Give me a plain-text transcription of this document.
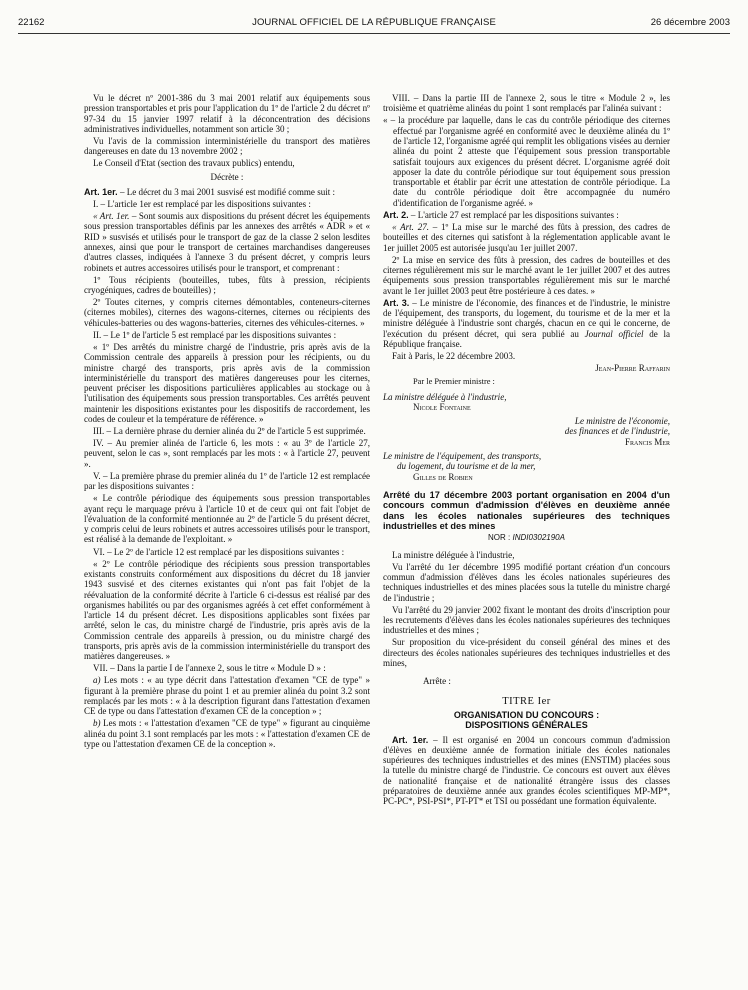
22162	JOURNAL OFFICIEL DE LA RÉPUBLIQUE FRANÇAISE	26 décembre 2003

Vu le décret nº 2001-386 du 3 mai 2001 relatif aux équipements sous pression transportables et pris pour l'application du 1º de l'article 2 du décret nº 97-34 du 15 janvier 1997 relatif à la déconcentration des décisions administratives individuelles, notamment son article 30 ;

Vu l'avis de la commission interministérielle du transport des matières dangereuses en date du 13 novembre 2002 ;

Le Conseil d'Etat (section des travaux publics) entendu,

Décrète :

Art. 1er. – Le décret du 3 mai 2001 susvisé est modifié comme suit :

I. – L'article 1er est remplacé par les dispositions suivantes :

« Art. 1er. – Sont soumis aux dispositions du présent décret les équipements sous pression transportables définis par les annexes des arrêtés « ADR » et « RID » susvisés et utilisés pour le transport de gaz de la classe 2 selon lesdites annexes, ainsi que pour le transport de certaines marchandises dangereuses d'autres classes, indiquées à l'annexe 3 du présent décret, y compris leurs robinets et autres accessoires utilisés pour le transport, et comprenant :

1º Tous récipients (bouteilles, tubes, fûts à pression, récipients cryogéniques, cadres de bouteilles) ;

2º Toutes citernes, y compris citernes démontables, conteneurs-citernes (citernes mobiles), citernes des wagons-citernes, citernes ou récipients des véhicules-batteries ou des wagons-batteries, citernes des véhicules-citernes. »

II. – Le 1º de l'article 5 est remplacé par les dispositions suivantes :

« 1º Des arrêtés du ministre chargé de l'industrie, pris après avis de la Commission centrale des appareils à pression pour les récipients, ou du ministre chargé des transports, pris après avis de la commission interministérielle du transport des matières dangereuses pour les citernes, peuvent préciser les dispositions particulières applicables au stockage ou à l'utilisation des équipements sous pression transportables. Ces arrêtés peuvent maintenir les dispositions existantes pour les dispositifs de raccordement, les codes de couleur et la température de référence. »

III. – La dernière phrase du dernier alinéa du 2º de l'article 5 est supprimée.

IV. – Au premier alinéa de l'article 6, les mots : « au 3º de l'article 27, peuvent, selon le cas », sont remplacés par les mots : « à l'article 27, peuvent ».

V. – La première phrase du premier alinéa du 1º de l'article 12 est remplacée par les dispositions suivantes :

« Le contrôle périodique des équipements sous pression transportables ayant reçu le marquage prévu à l'article 10 et de ceux qui ont fait l'objet de l'évaluation de la conformité mentionnée au 2º de l'article 5 du présent décret, y compris celui de leurs robinets et autres accessoires utilisés pour le transport, est réalisé à la demande de l'exploitant. »

VI. – Le 2º de l'article 12 est remplacé par les dispositions suivantes :

« 2º Le contrôle périodique des récipients sous pression transportables existants construits conformément aux dispositions du décret du 18 janvier 1943 susvisé et des citernes existantes qui n'ont pas fait l'objet de la réévaluation de la conformité décrite à l'article 6 ci-dessus est réalisé par des organismes habilités ou par des organismes agréés à cet effet conformément à l'article 14 du présent décret. Les dispositions applicables sont fixées par arrêté, selon le cas, du ministre chargé de l'industrie, pris après avis de la Commission centrale des appareils à pression, ou du ministre chargé des transports, pris après avis de la commission interministérielle du transport des matières dangereuses. »

VII. – Dans la partie I de l'annexe 2, sous le titre « Module D » :

a) Les mots : « au type décrit dans l'attestation d'examen "CE de type" » figurant à la première phrase du point 1 et au premier alinéa du point 3.2 sont remplacés par les mots : « à la description figurant dans l'attestation d'examen CE de type ou dans l'attestation d'examen CE de la conception » ;

b) Les mots : « l'attestation d'examen "CE de type" » figurant au cinquième alinéa du point 3.1 sont remplacés par les mots : « l'attestation d'examen CE de type ou l'attestation d'examen CE de la conception ».

VIII. – Dans la partie III de l'annexe 2, sous le titre « Module 2 », les troisième et quatrième alinéas du point 1 sont remplacés par l'alinéa suivant :

« – la procédure par laquelle, dans le cas du contrôle périodique des citernes effectué par l'organisme agréé en conformité avec le deuxième alinéa du 1º de l'article 12, l'organisme agréé qui remplit les obligations visées au dernier alinéa du point 2 atteste que l'équipement sous pression transportable satisfait toujours aux exigences du présent décret. L'organisme agréé doit apposer la date du contrôle périodique sur tout équipement sous pression transportable et établir par écrit une attestation de contrôle périodique. La date du contrôle périodique doit être accompagnée du numéro d'identification de l'organisme agréé. »

Art. 2. – L'article 27 est remplacé par les dispositions suivantes :

« Art. 27. – 1º La mise sur le marché des fûts à pression, des cadres de bouteilles et des citernes qui satisfont à la réglementation applicable avant le 1er juillet 2005 est autorisée jusqu'au 1er juillet 2007.

2º La mise en service des fûts à pression, des cadres de bouteilles et des citernes régulièrement mis sur le marché avant le 1er juillet 2007 et des autres équipements sous pression transportables régulièrement mis sur le marché avant le 1er juillet 2003 peut être postérieure à ces dates. »

Art. 3. – Le ministre de l'économie, des finances et de l'industrie, le ministre de l'équipement, des transports, du logement, du tourisme et de la mer et la ministre déléguée à l'industrie sont chargés, chacun en ce qui le concerne, de l'exécution du présent décret, qui sera publié au Journal officiel de la République française.

Fait à Paris, le 22 décembre 2003.

Jean-Pierre Raffarin

Par le Premier ministre :

La ministre déléguée à l'industrie,

Nicole Fontaine

Le ministre de l'économie,

des finances et de l'industrie,

Francis Mer

Le ministre de l'équipement, des transports,

du logement, du tourisme et de la mer,

Gilles de Robien

Arrêté du 17 décembre 2003 portant organisation en 2004 d'un concours commun d'admission d'élèves en deuxième année dans les écoles nationales supérieures des techniques industrielles et des mines

NOR : INDI0302190A

La ministre déléguée à l'industrie,

Vu l'arrêté du 1er décembre 1995 modifié portant création d'un concours commun d'admission d'élèves dans les écoles nationales supérieures des techniques industrielles et des mines placées sous la tutelle du ministre chargé de l'industrie ;

Vu l'arrêté du 29 janvier 2002 fixant le montant des droits d'inscription pour les recrutements d'élèves dans les écoles nationales supérieures des techniques industrielles et des mines ;

Sur proposition du vice-président du conseil général des mines et des directeurs des écoles nationales supérieures des techniques industrielles et des mines,

Arrête :

TITRE Ier

ORGANISATION DU CONCOURS :

DISPOSITIONS GÉNÉRALES

Art. 1er. – Il est organisé en 2004 un concours commun d'admission d'élèves en deuxième année de formation initiale des écoles nationales supérieures des techniques industrielles et des mines (ENSTIM) placées sous la tutelle du ministre chargé de l'industrie. Ce concours est ouvert aux élèves de nationalité française et de nationalité étrangère issus des classes préparatoires de deuxième année aux grandes écoles scientifiques MP-MP*, PC-PC*, PSI-PSI*, PT-PT* et TSI ou possédant une formation équivalente.
